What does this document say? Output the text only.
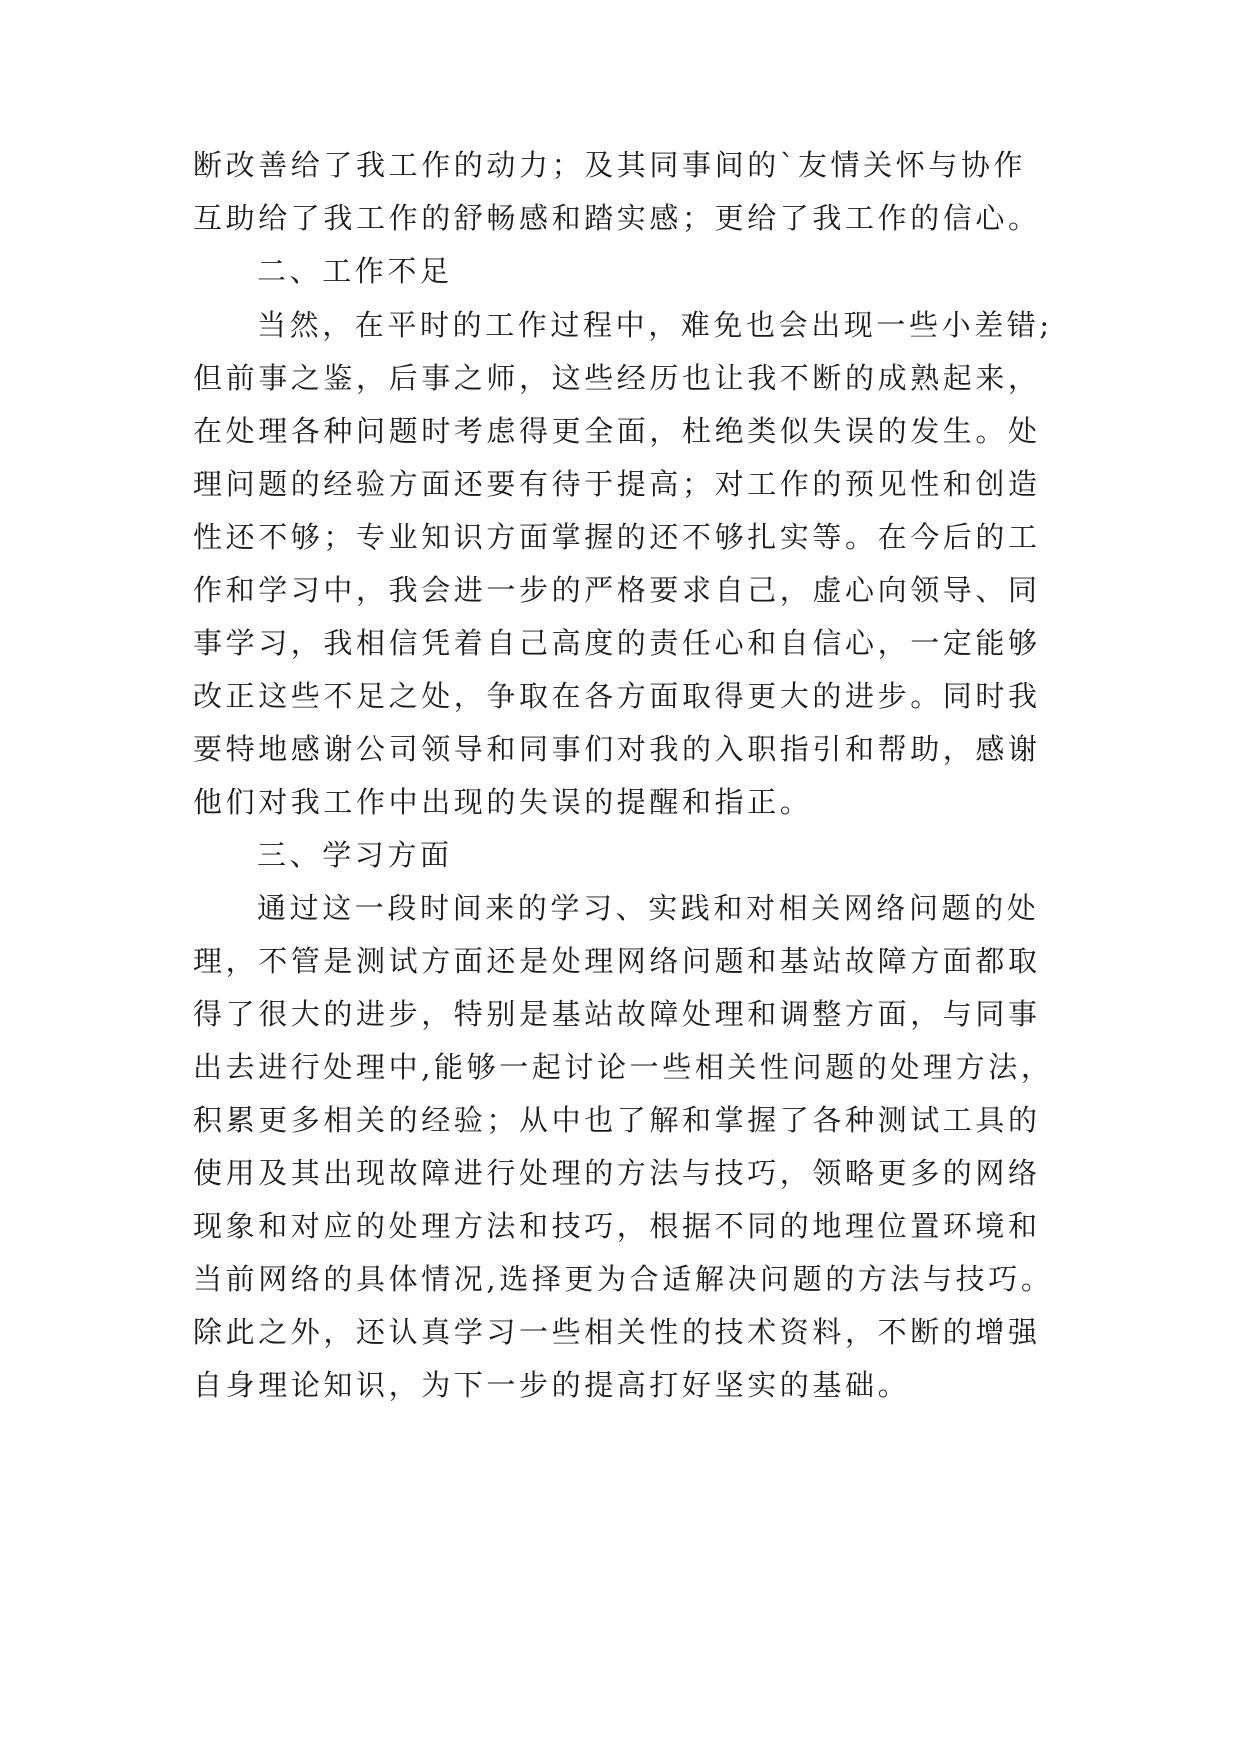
断改善给了我工作的动力；及其同事间的`友情关怀与协作
互助给了我工作的舒畅感和踏实感；更给了我工作的信心。
二、工作不足
当然，在平时的工作过程中，难免也会出现一些小差错;
但前事之鉴，后事之师，这些经历也让我不断的成熟起来，
在处理各种问题时考虑得更全面，杜绝类似失误的发生。处
理问题的经验方面还要有待于提高；对工作的预见性和创造
性还不够；专业知识方面掌握的还不够扎实等。在今后的工
作和学习中，我会进一步的严格要求自己，虚心向领导、同
事学习，我相信凭着自己高度的责任心和自信心，一定能够
改正这些不足之处，争取在各方面取得更大的进步。同时我
要特地感谢公司领导和同事们对我的入职指引和帮助，感谢
他们对我工作中出现的失误的提醒和指正。
三、学习方面
通过这一段时间来的学习、实践和对相关网络问题的处
理，不管是测试方面还是处理网络问题和基站故障方面都取
得了很大的进步，特别是基站故障处理和调整方面，与同事
出去进行处理中,能够一起讨论一些相关性问题的处理方法，
积累更多相关的经验；从中也了解和掌握了各种测试工具的
使用及其出现故障进行处理的方法与技巧，领略更多的网络
现象和对应的处理方法和技巧，根据不同的地理位置环境和
当前网络的具体情况,选择更为合适解决问题的方法与技巧。
除此之外，还认真学习一些相关性的技术资料，不断的增强
自身理论知识，为下一步的提高打好坚实的基础。
